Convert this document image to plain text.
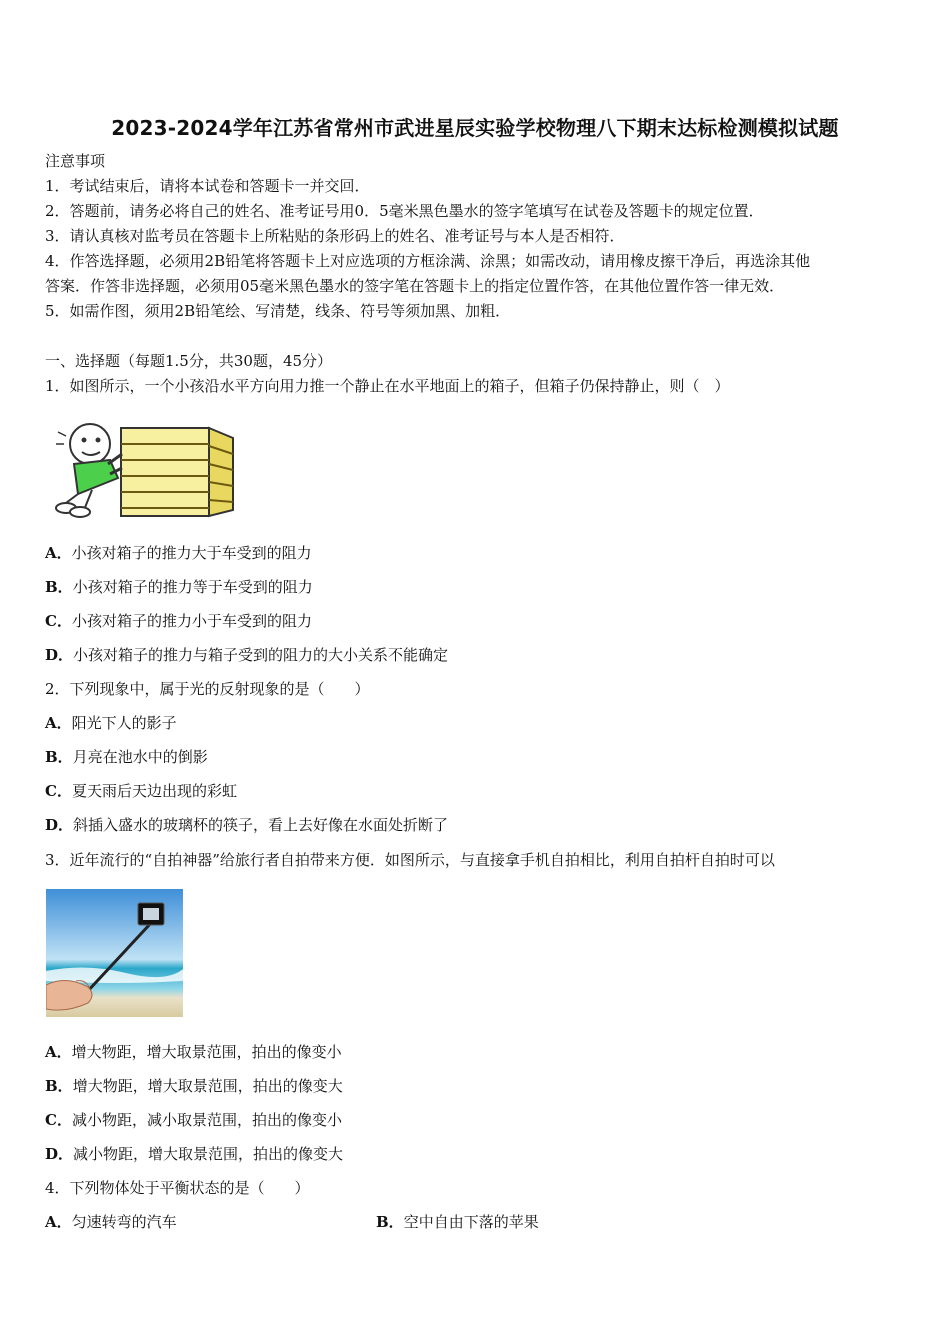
2023-2024学年江苏省常州市武进星辰实验学校物理八下期末达标检测模拟试题
注意事项
1．考试结束后，请将本试卷和答题卡一并交回．
2．答题前，请务必将自己的姓名、准考证号用0．5毫米黑色墨水的签字笔填写在试卷及答题卡的规定位置．
3．请认真核对监考员在答题卡上所粘贴的条形码上的姓名、准考证号与本人是否相符．
4．作答选择题，必须用2B铅笔将答题卡上对应选项的方框涂满、涂黑；如需改动，请用橡皮擦干净后，再选涂其他
答案．作答非选择题，必须用05毫米黑色墨水的签字笔在答题卡上的指定位置作答，在其他位置作答一律无效．
5．如需作图，须用2B铅笔绘、写清楚，线条、符号等须加黑、加粗．
一、选择题（每题1.5分，共30题，45分）
1．如图所示，一个小孩沿水平方向用力推一个静止在水平地面上的箱子，但箱子仍保持静止，则（　）
A．小孩对箱子的推力大于车受到的阻力
B．小孩对箱子的推力等于车受到的阻力
C．小孩对箱子的推力小于车受到的阻力
D．小孩对箱子的推力与箱子受到的阻力的大小关系不能确定
2．下列现象中，属于光的反射现象的是（　　）
A．阳光下人的影子
B．月亮在池水中的倒影
C．夏天雨后天边出现的彩虹
D．斜插入盛水的玻璃杯的筷子，看上去好像在水面处折断了
3．近年流行的“自拍神器”给旅行者自拍带来方便．如图所示，与直接拿手机自拍相比，利用自拍杆自拍时可以
A．增大物距，增大取景范围，拍出的像变小
B．增大物距，增大取景范围，拍出的像变大
C．减小物距，减小取景范围，拍出的像变小
D．减小物距，增大取景范围，拍出的像变大
4．下列物体处于平衡状态的是（　　）
A．匀速转弯的汽车	B．空中自由下落的苹果
